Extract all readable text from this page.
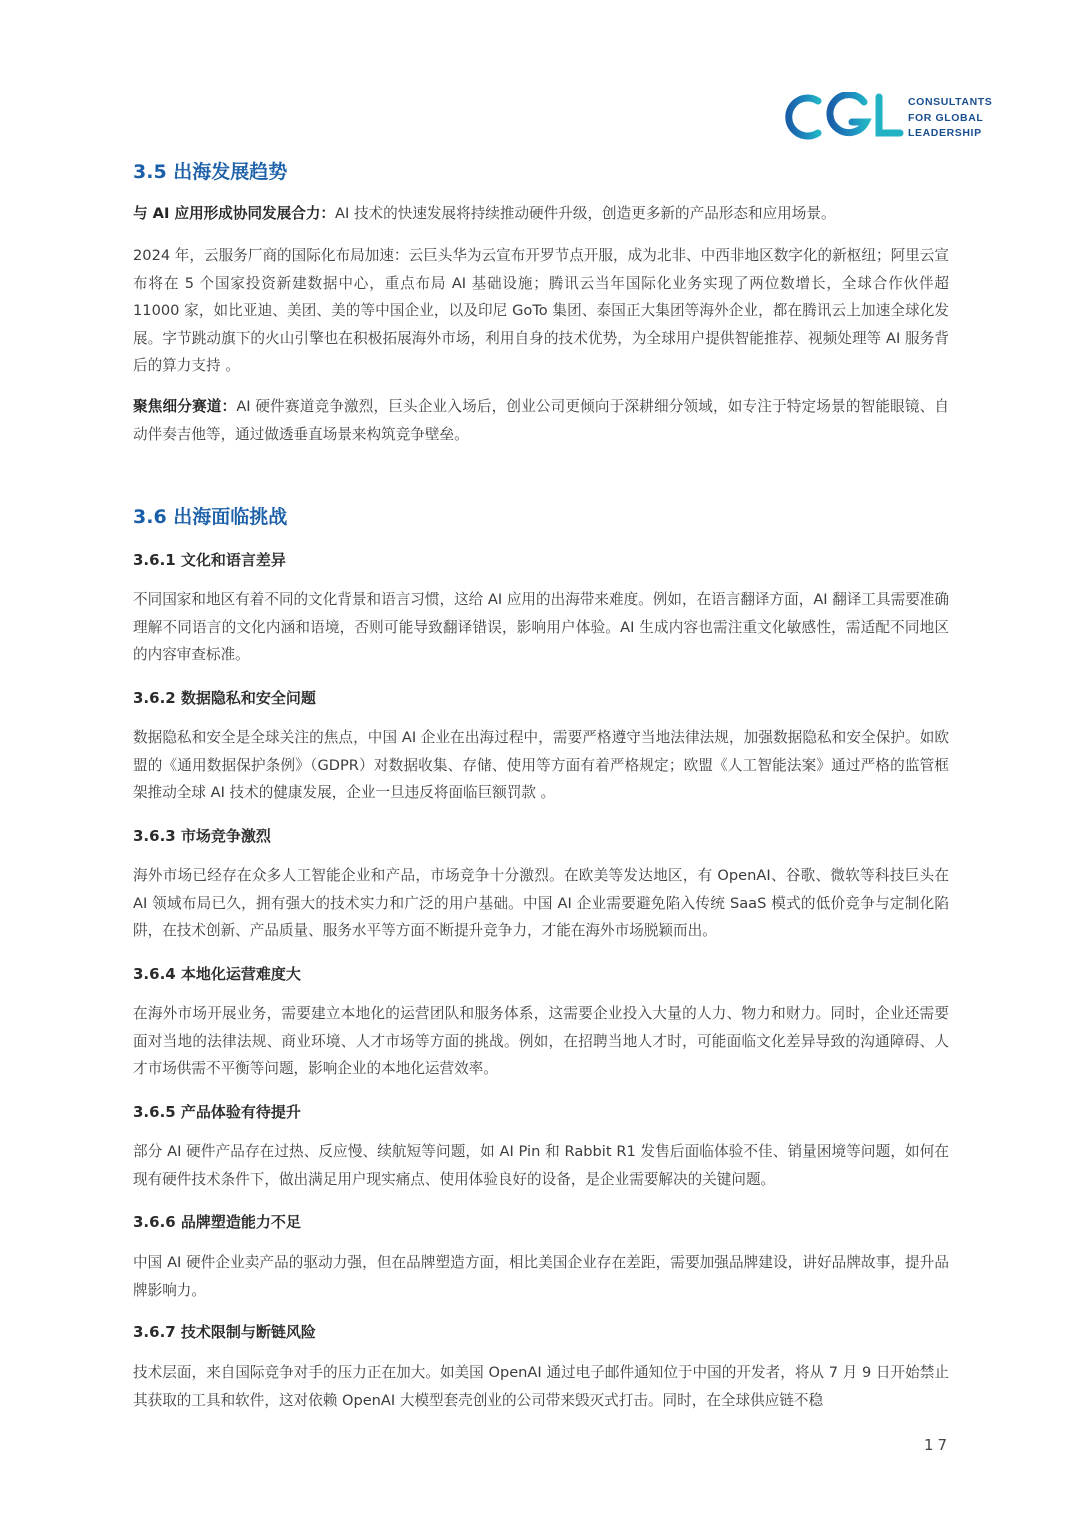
CONSULTANTS
FOR GLOBAL
LEADERSHIP
3.5 出海发展趋势

与 AI 应用形成协同发展合力：AI 技术的快速发展将持续推动硬件升级，创造更多新的产品形态和应用场景。

2024 年，云服务厂商的国际化布局加速：云巨头华为云宣布开罗节点开服，成为北非、中西非地区数字化的新枢纽；阿里云宣布将在 5 个国家投资新建数据中心，重点布局 AI 基础设施；腾讯云当年国际化业务实现了两位数增长，全球合作伙伴超 11000 家，如比亚迪、美团、美的等中国企业，以及印尼 GoTo 集团、泰国正大集团等海外企业，都在腾讯云上加速全球化发展。字节跳动旗下的火山引擎也在积极拓展海外市场，利用自身的技术优势，为全球用户提供智能推荐、视频处理等 AI 服务背后的算力支持 。

聚焦细分赛道：AI 硬件赛道竞争激烈，巨头企业入场后，创业公司更倾向于深耕细分领域，如专注于特定场景的智能眼镜、自动伴奏吉他等，通过做透垂直场景来构筑竞争壁垒。

3.6 出海面临挑战
3.6.1 文化和语言差异

不同国家和地区有着不同的文化背景和语言习惯，这给 AI 应用的出海带来难度。例如，在语言翻译方面，AI 翻译工具需要准确理解不同语言的文化内涵和语境，否则可能导致翻译错误，影响用户体验。AI 生成内容也需注重文化敏感性，需适配不同地区的内容审查标准。

3.6.2 数据隐私和安全问题

数据隐私和安全是全球关注的焦点，中国 AI 企业在出海过程中，需要严格遵守当地法律法规，加强数据隐私和安全保护。如欧盟的《通用数据保护条例》（GDPR）对数据收集、存储、使用等方面有着严格规定；欧盟《人工智能法案》通过严格的监管框架推动全球 AI 技术的健康发展，企业一旦违反将面临巨额罚款 。

3.6.3 市场竞争激烈

海外市场已经存在众多人工智能企业和产品，市场竞争十分激烈。在欧美等发达地区，有 OpenAI、谷歌、微软等科技巨头在 AI 领域布局已久，拥有强大的技术实力和广泛的用户基础。中国 AI 企业需要避免陷入传统 SaaS 模式的低价竞争与定制化陷阱，在技术创新、产品质量、服务水平等方面不断提升竞争力，才能在海外市场脱颖而出。

3.6.4 本地化运营难度大

在海外市场开展业务，需要建立本地化的运营团队和服务体系，这需要企业投入大量的人力、物力和财力。同时，企业还需要面对当地的法律法规、商业环境、人才市场等方面的挑战。例如，在招聘当地人才时，可能面临文化差异导致的沟通障碍、人才市场供需不平衡等问题，影响企业的本地化运营效率。

3.6.5 产品体验有待提升

部分 AI 硬件产品存在过热、反应慢、续航短等问题，如 AI Pin 和 Rabbit R1 发售后面临体验不佳、销量困境等问题，如何在现有硬件技术条件下，做出满足用户现实痛点、使用体验良好的设备，是企业需要解决的关键问题。

3.6.6 品牌塑造能力不足

中国 AI 硬件企业卖产品的驱动力强，但在品牌塑造方面，相比美国企业存在差距，需要加强品牌建设，讲好品牌故事，提升品牌影响力。

3.6.7 技术限制与断链风险

技术层面，来自国际竞争对手的压力正在加大。如美国 OpenAI 通过电子邮件通知位于中国的开发者，将从 7 月 9 日开始禁止其获取的工具和软件，这对依赖 OpenAI 大模型套壳创业的公司带来毁灭式打击。同时，在全球供应链不稳

17
